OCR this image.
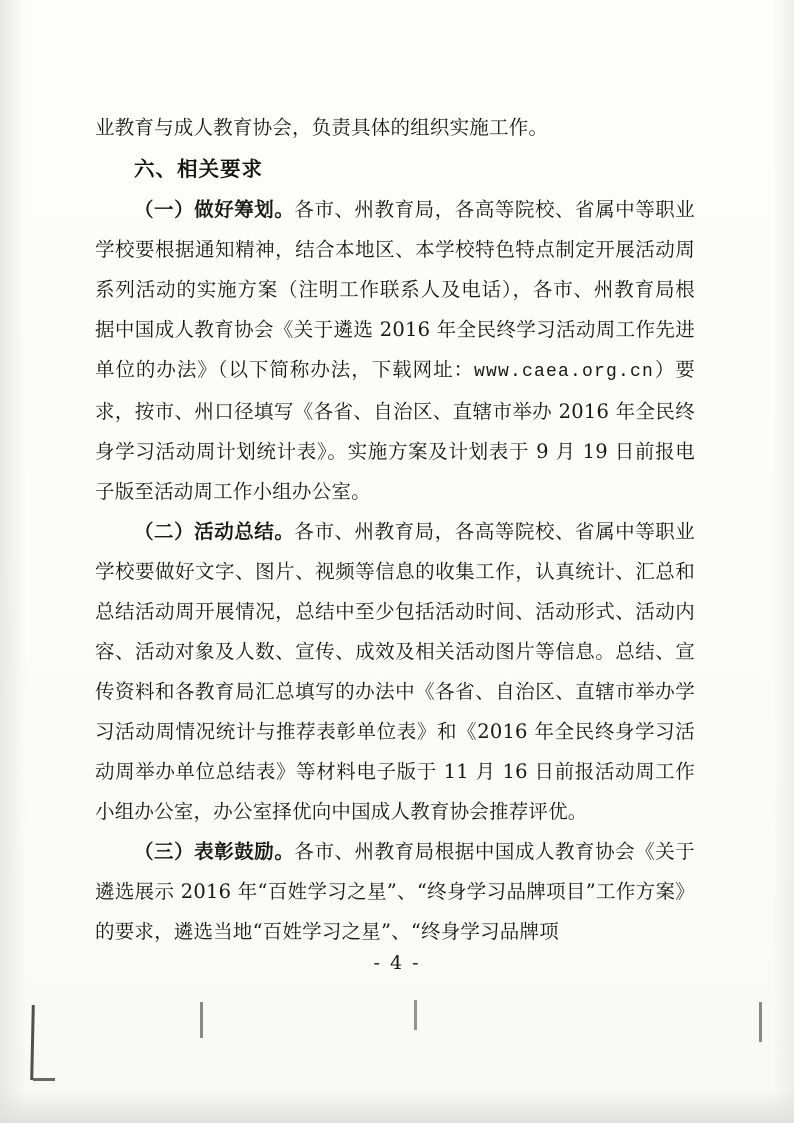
业教育与成人教育协会，负责具体的组织实施工作。

六、相关要求

（一）做好筹划。各市、州教育局，各高等院校、省属中等职业学校要根据通知精神，结合本地区、本学校特色特点制定开展活动周系列活动的实施方案（注明工作联系人及电话），各市、州教育局根据中国成人教育协会《关于遴选 2016 年全民终学习活动周工作先进单位的办法》（以下简称办法，下载网址：www.caea.org.cn）要求，按市、州口径填写《各省、自治区、直辖市举办 2016 年全民终身学习活动周计划统计表》。实施方案及计划表于 9 月 19 日前报电子版至活动周工作小组办公室。

（二）活动总结。各市、州教育局，各高等院校、省属中等职业学校要做好文字、图片、视频等信息的收集工作，认真统计、汇总和总结活动周开展情况，总结中至少包括活动时间、活动形式、活动内容、活动对象及人数、宣传、成效及相关活动图片等信息。总结、宣传资料和各教育局汇总填写的办法中《各省、自治区、直辖市举办学习活动周情况统计与推荐表彰单位表》和《2016 年全民终身学习活动周举办单位总结表》等材料电子版于 11 月 16 日前报活动周工作小组办公室，办公室择优向中国成人教育协会推荐评优。

（三）表彰鼓励。各市、州教育局根据中国成人教育协会《关于遴选展示 2016 年“百姓学习之星”、“终身学习品牌项目”工作方案》的要求，遴选当地“百姓学习之星”、“终身学习品牌项

- 4 -
